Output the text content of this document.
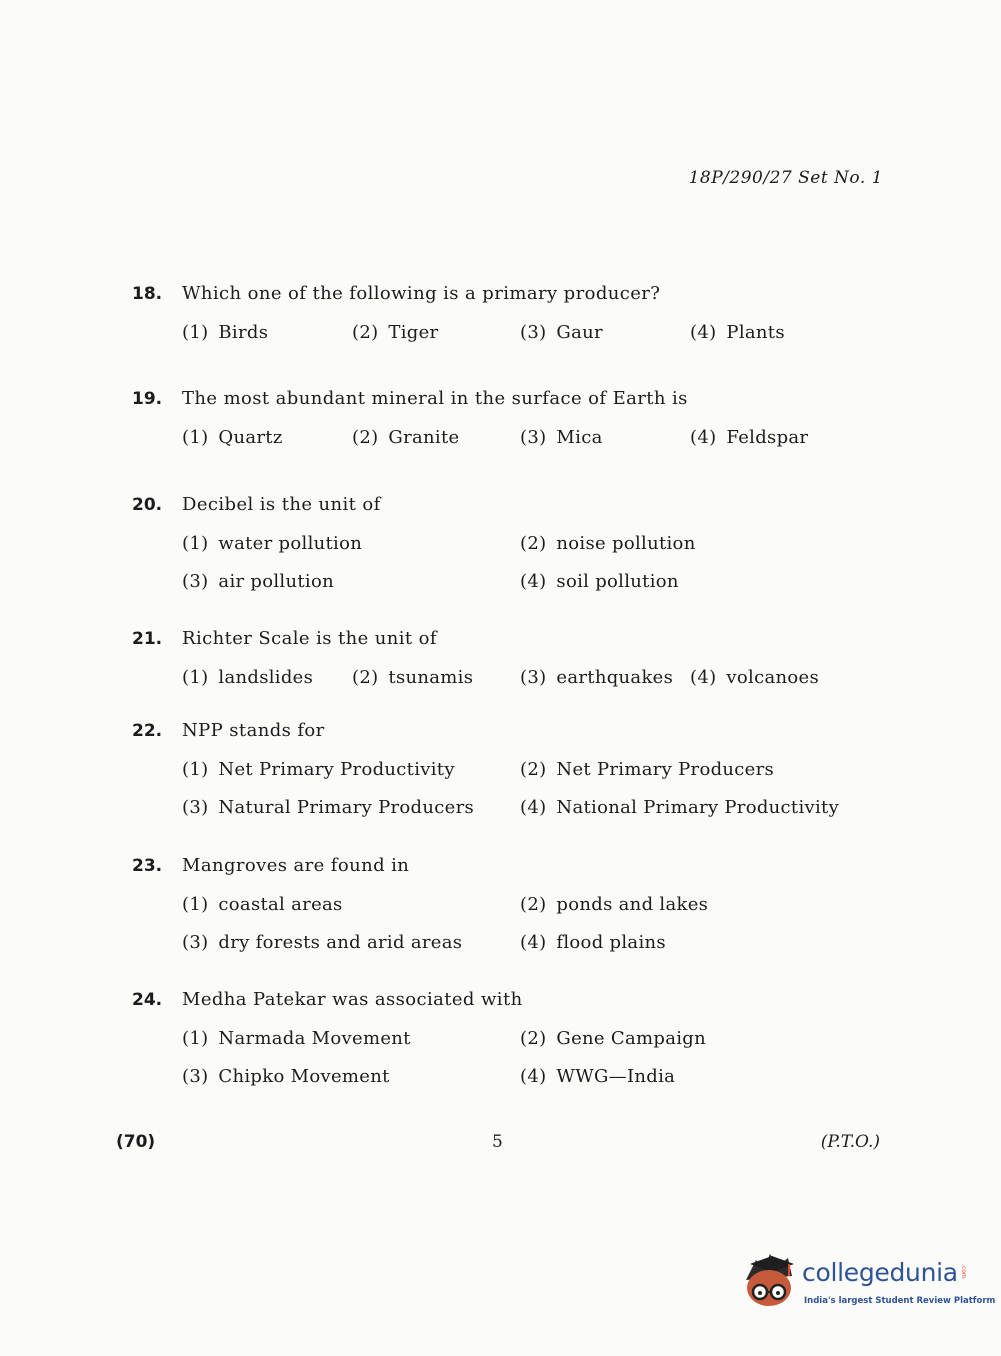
18P/290/27 Set No. 1
18.	Which one of the following is a primary producer?
(1) Birds	(2) Tiger	(3) Gaur	(4) Plants
19.	The most abundant mineral in the surface of Earth is
(1) Quartz	(2) Granite	(3) Mica	(4) Feldspar
20.	Decibel is the unit of
(1) water pollution	(2) noise pollution
(3) air pollution	(4) soil pollution
21.	Richter Scale is the unit of
(1) landslides	(2) tsunamis	(3) earthquakes (4) volcanoes
22.	NPP stands for
(1) Net Primary Productivity	(2) Net Primary Producers
(3) Natural Primary Producers	(4) National Primary Productivity
23.	Mangroves are found in
(1) coastal areas	(2) ponds and lakes
(3) dry forests and arid areas	(4) flood plains
24.	Medha Patekar was associated with
(1) Narmada Movement	(2) Gene Campaign
(3) Chipko Movement	(4) WWG—India
(70)	5	(P.T.O.)
collegedunia .com
India's largest Student Review Platform
